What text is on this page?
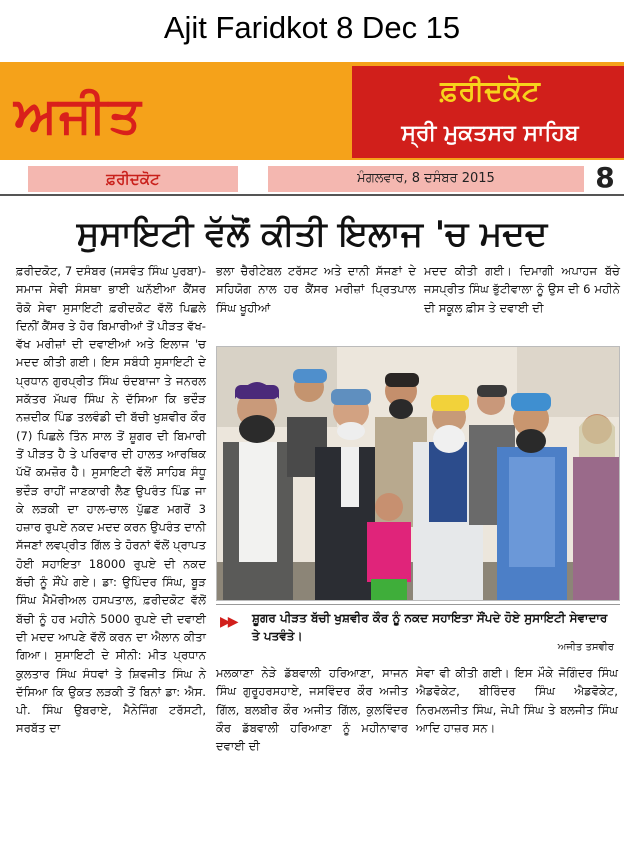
Ajit Faridkot 8 Dec 15
ਅਜੀਤ	ਫ਼ਰੀਦਕੋਟ
ਸ੍ਰੀ ਮੁਕਤਸਰ ਸਾਹਿਬ
ਫ਼ਰੀਦਕੋਟ	ਮੰਗਲਵਾਰ, 8 ਦਸੰਬਰ 2015	8
ਸੁਸਾਇਟੀ ਵੱਲੋਂ ਕੀਤੀ ਇਲਾਜ 'ਚ ਮਦਦ

ਫ਼ਰੀਦਕੋਟ, 7 ਦਸੰਬਰ (ਜਸਵੰਤ ਸਿੰਘ ਪੁਰਬਾ)-ਸਮਾਜ ਸੇਵੀ ਸੰਸਥਾ ਭਾਈ ਘਨੱਈਆ ਕੈਂਸਰ ਰੋਕੋ ਸੇਵਾ ਸੁਸਾਇਟੀ ਫ਼ਰੀਦਕੋਟ ਵੱਲੋਂ ਪਿਛਲੇ ਦਿਨੀਂ ਕੈਂਸਰ ਤੇ ਹੋਰ ਬਿਮਾਰੀਆਂ ਤੋਂ ਪੀੜਤ ਵੱਖ-ਵੱਖ ਮਰੀਜ਼ਾਂ ਦੀ ਦਵਾਈਆਂ ਅਤੇ ਇਲਾਜ 'ਚ ਮਦਦ ਕੀਤੀ ਗਈ। ਇਸ ਸਬੰਧੀ ਸੁਸਾਇਟੀ ਦੇ ਪ੍ਰਧਾਨ ਗੁਰਪ੍ਰੀਤ ਸਿੰਘ ਚੰਦਬਾਜਾ ਤੇ ਜਨਰਲ ਸਕੱਤਰ ਮੱਘਰ ਸਿੰਘ ਨੇ ਦੱਸਿਆ ਕਿ ਭਦੌੜ ਨਜ਼ਦੀਕ ਪਿੰਡ ਤਲਵੰਡੀ ਦੀ ਬੱਚੀ ਖੁਸ਼ਵੀਰ ਕੌਰ (7) ਪਿਛਲੇ ਤਿੰਨ ਸਾਲ ਤੋਂ ਸ਼ੂਗਰ ਦੀ ਬਿਮਾਰੀ ਤੋਂ ਪੀੜਤ ਹੈ ਤੇ ਪਰਿਵਾਰ ਦੀ ਹਾਲਤ ਆਰਥਿਕ ਪੱਖੋਂ ਕਮਜ਼ੋਰ ਹੈ। ਸੁਸਾਇਟੀ ਵੱਲੋਂ ਸਾਹਿਬ ਸੰਧੂ ਭਦੌੜ ਰਾਹੀਂ ਜਾਣਕਾਰੀ ਲੈਣ ਉਪਰੰਤ ਪਿੰਡ ਜਾ ਕੇ ਲੜਕੀ ਦਾ ਹਾਲ-ਚਾਲ ਪੁੱਛਣ ਮਗਰੋਂ 3 ਹਜ਼ਾਰ ਰੁਪਏ ਨਕਦ ਮਦਦ ਕਰਨ ਉਪਰੰਤ ਦਾਨੀ ਸੱਜਣਾਂ ਲਵਪ੍ਰੀਤ ਗਿੱਲ ਤੇ ਹੋਰਨਾਂ ਵੱਲੋਂ ਪ੍ਰਾਪਤ ਹੋਈ ਸਹਾਇਤਾ 18000 ਰੁਪਏ ਦੀ ਨਕਦ ਬੱਚੀ ਨੂੰ ਸੌਂਪੇ ਗਏ। ਡਾ: ਉਪਿੰਦਰ ਸਿੰਘ, ਬੂੜ ਸਿੰਘ ਮੈਮੋਰੀਅਲ ਹਸਪਤਾਲ, ਫ਼ਰੀਦਕੋਟ ਵੱਲੋਂ ਬੱਚੀ ਨੂੰ ਹਰ ਮਹੀਨੇ 5000 ਰੁਪਏ ਦੀ ਦਵਾਈ ਦੀ ਮਦਦ ਆਪਣੇ ਵੱਲੋਂ ਕਰਨ ਦਾ ਐਲਾਨ ਕੀਤਾ ਗਿਆ। ਸੁਸਾਇਟੀ ਦੇ ਸੀਨੀ: ਮੀਤ ਪ੍ਰਧਾਨ ਕੁਲਤਾਰ ਸਿੰਘ ਸੰਧਵਾਂ ਤੇ ਸ਼ਿਵਜੀਤ ਸਿੰਘ ਨੇ ਦੱਸਿਆ ਕਿ ਉਕਤ ਲੜਕੀ ਤੋਂ ਬਿਨਾਂ ਡਾ: ਐਸ. ਪੀ. ਸਿੰਘ ਉਬਰਾਏ, ਮੈਨੇਜਿੰਗ ਟਰੱਸਟੀ, ਸਰਬੱਤ ਦਾ

ਭਲਾ ਚੈਰੀਟੇਬਲ ਟਰੱਸਟ ਅਤੇ ਦਾਨੀ ਸੱਜਣਾਂ ਦੇ ਸਹਿਯੋਗ ਨਾਲ ਹਰ ਕੈਂਸਰ ਮਰੀਜ਼ਾਂ ਪ੍ਰਿਤਪਾਲ ਸਿੰਘ ਖੂਹੀਆਂ

ਮਦਦ ਕੀਤੀ ਗਈ। ਦਿਮਾਗੀ ਅਪਾਹਜ ਬੱਚੇ ਜਸਪ੍ਰੀਤ ਸਿੰਘ ਭੁੱਟੀਵਾਲਾ ਨੂੰ ਉਸ ਦੀ 6 ਮਹੀਨੇ ਦੀ ਸਕੂਲ ਫ਼ੀਸ ਤੇ ਦਵਾਈ ਦੀ

▶▶	ਸ਼ੂਗਰ ਪੀੜਤ ਬੱਚੀ ਖੁਸ਼ਵੀਰ ਕੌਰ ਨੂੰ ਨਕਦ ਸਹਾਇਤਾ ਸੌਂਪਦੇ ਹੋਏ ਸੁਸਾਇਟੀ ਸੇਵਾਦਾਰ ਤੇ ਪਤਵੰਤੇ।
ਅਜੀਤ ਤਸਵੀਰ

ਮਲਕਾਣਾ ਨੇੜੇ ਡੱਬਵਾਲੀ ਹਰਿਆਣਾ, ਸਾਜਨ ਸਿੰਘ ਗੁਰੂਹਰਸਹਾਏ, ਜਸਵਿੰਦਰ ਕੌਰ ਅਜੀਤ ਗਿੱਲ, ਬਲਬੀਰ ਕੌਰ ਅਜੀਤ ਗਿੱਲ, ਕੁਲਵਿੰਦਰ ਕੌਰ ਡੱਬਵਾਲੀ ਹਰਿਆਣਾ ਨੂੰ ਮਹੀਨਾਵਾਰ ਦਵਾਈ ਦੀ

ਸੇਵਾ ਵੀ ਕੀਤੀ ਗਈ। ਇਸ ਮੌਕੇ ਜੋਗਿੰਦਰ ਸਿੰਘ ਐਡਵੋਕੇਟ, ਬੀਰਿੰਦਰ ਸਿੰਘ ਐਡਵੋਕੇਟ, ਨਿਰਮਲਜੀਤ ਸਿੰਘ, ਜੇਪੀ ਸਿੰਘ ਤੇ ਬਲਜੀਤ ਸਿੰਘ ਆਦਿ ਹਾਜ਼ਰ ਸਨ।
